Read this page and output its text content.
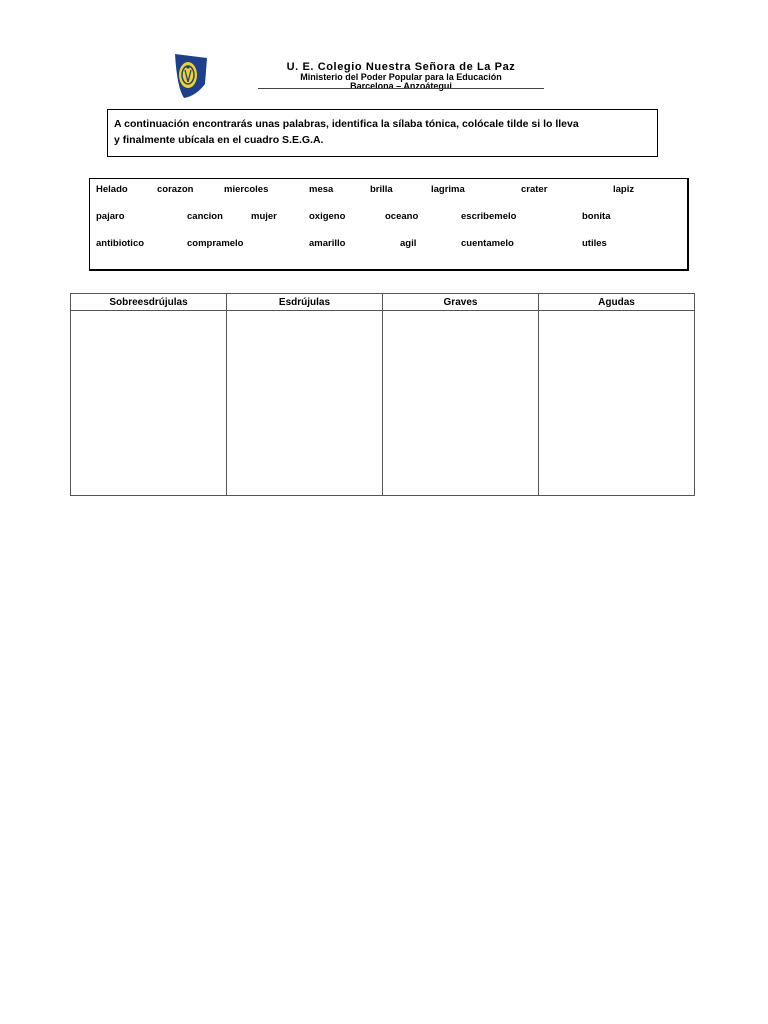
U. E. Colegio Nuestra Señora de La Paz
Ministerio del Poder Popular para la Educación
Barcelona – Anzoátegui
A continuación encontrarás unas palabras, identifica la sílaba tónica, colócale tilde si lo lleva
y finalmente ubícala en el cuadro S.E.G.A.
Helado	corazon	miercoles	mesa	brilla	lagrima	crater	lapiz
pajaro	cancion	mujer	oxigeno	oceano	escribemelo	bonita
antibiotico	compramelo	amarillo	agil	cuentamelo	utiles
Sobreesdrújulas	Esdrújulas	Graves	Agudas
